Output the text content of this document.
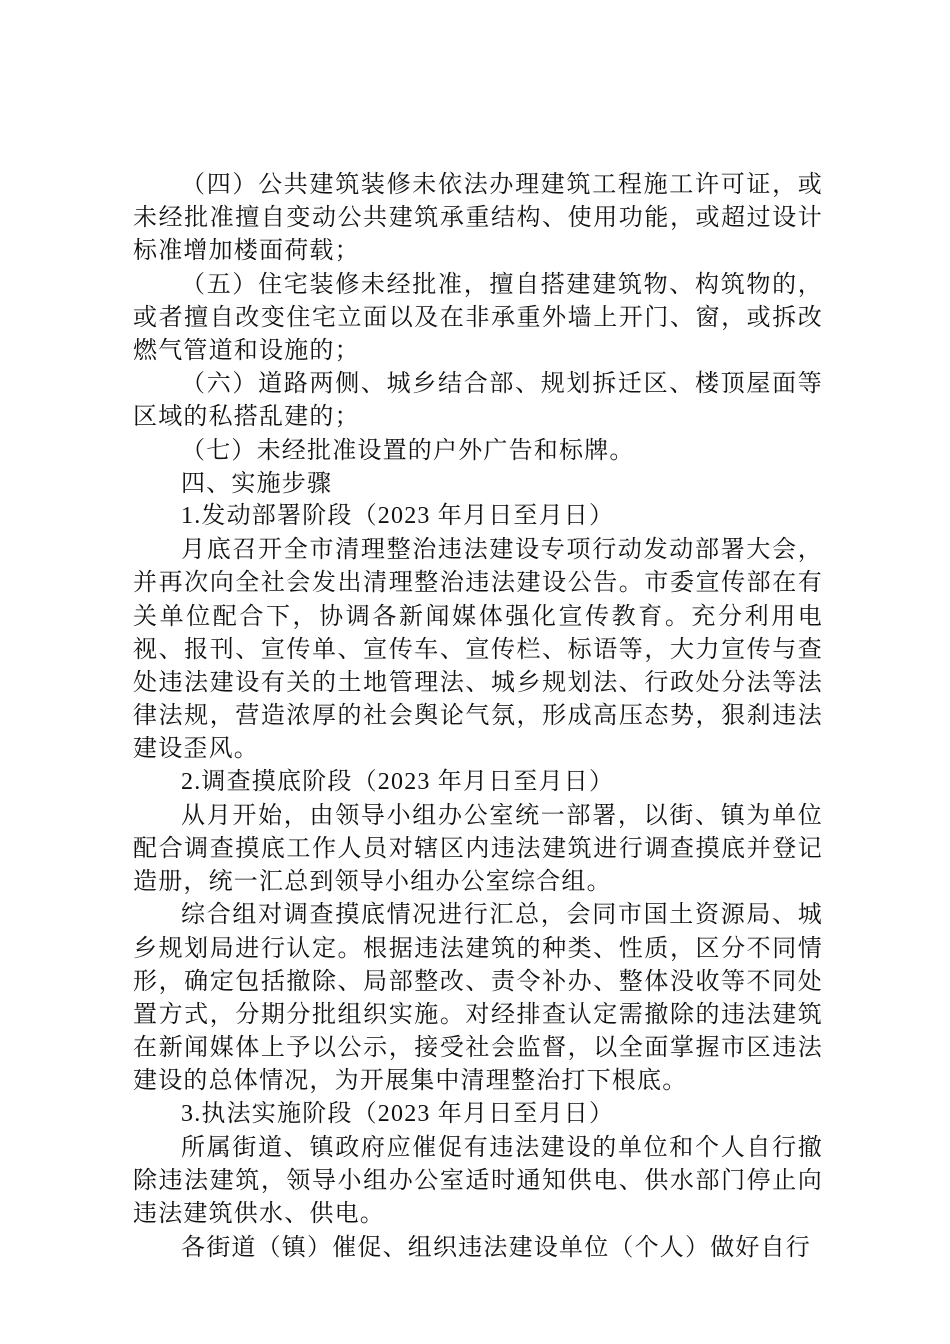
（四）公共建筑装修未依法办理建筑工程施工许可证，或未经批准擅自变动公共建筑承重结构、使用功能，或超过设计标准增加楼面荷载；

（五）住宅装修未经批准，擅自搭建建筑物、构筑物的，或者擅自改变住宅立面以及在非承重外墙上开门、窗，或拆改燃气管道和设施的；

（六）道路两侧、城乡结合部、规划拆迁区、楼顶屋面等区域的私搭乱建的；

（七）未经批准设置的户外广告和标牌。

四、实施步骤

1.发动部署阶段（2023 年月日至月日）

月底召开全市清理整治违法建设专项行动发动部署大会，并再次向全社会发出清理整治违法建设公告。市委宣传部在有关单位配合下，协调各新闻媒体强化宣传教育。充分利用电视、报刊、宣传单、宣传车、宣传栏、标语等，大力宣传与查处违法建设有关的土地管理法、城乡规划法、行政处分法等法律法规，营造浓厚的社会舆论气氛，形成高压态势，狠刹违法建设歪风。

2.调查摸底阶段（2023 年月日至月日）

从月开始，由领导小组办公室统一部署，以街、镇为单位配合调查摸底工作人员对辖区内违法建筑进行调查摸底并登记造册，统一汇总到领导小组办公室综合组。

综合组对调查摸底情况进行汇总，会同市国土资源局、城乡规划局进行认定。根据违法建筑的种类、性质，区分不同情形，确定包括撤除、局部整改、责令补办、整体没收等不同处置方式，分期分批组织实施。对经排查认定需撤除的违法建筑在新闻媒体上予以公示，接受社会监督，以全面掌握市区违法建设的总体情况，为开展集中清理整治打下根底。

3.执法实施阶段（2023 年月日至月日）

所属街道、镇政府应催促有违法建设的单位和个人自行撤除违法建筑，领导小组办公室适时通知供电、供水部门停止向违法建筑供水、供电。

各街道（镇）催促、组织违法建设单位（个人）做好自行
